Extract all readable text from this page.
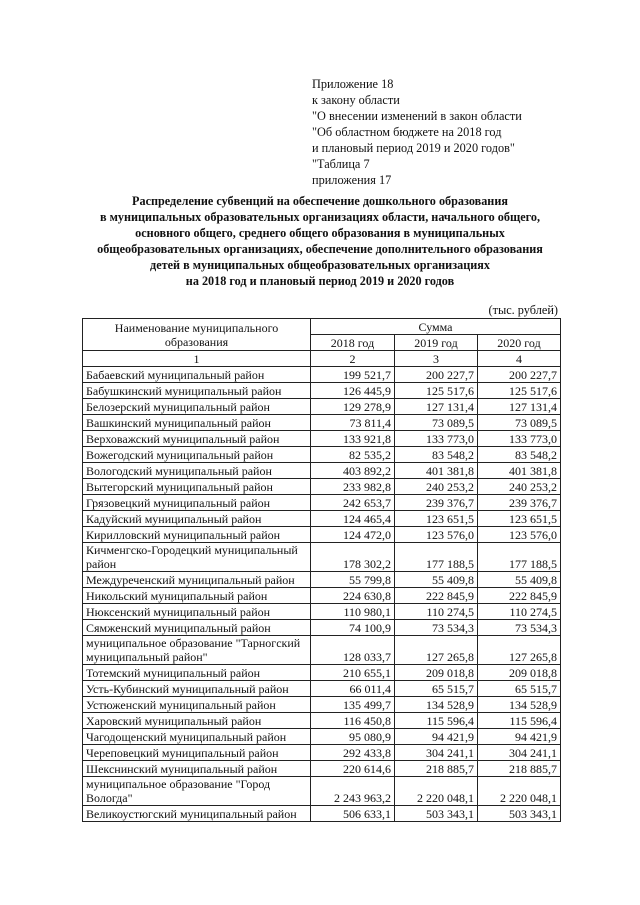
Приложение 18
к закону области
"О внесении изменений в закон области
"Об областном бюджете на 2018 год
и плановый период 2019 и 2020 годов"
"Таблица 7
приложения 17
Распределение субвенций на обеспечение дошкольного образования
в муниципальных образовательных организациях области, начального общего,
основного общего, среднего общего образования в муниципальных
общеобразовательных организациях, обеспечение дополнительного образования
детей в муниципальных общеобразовательных организациях
на 2018 год и плановый период 2019 и 2020 годов
(тыс. рублей)
Наименование муниципального образования	Сумма		
	2018 год	2019 год	2020 год
1	2	3	4
Бабаевский муниципальный район	199 521,7	200 227,7	200 227,7
Бабушкинский муниципальный район	126 445,9	125 517,6	125 517,6
Белозерский муниципальный район	129 278,9	127 131,4	127 131,4
Вашкинский муниципальный район	73 811,4	73 089,5	73 089,5
Верховажский муниципальный район	133 921,8	133 773,0	133 773,0
Вожегодский муниципальный район	82 535,2	83 548,2	83 548,2
Вологодский муниципальный район	403 892,2	401 381,8	401 381,8
Вытегорский муниципальный район	233 982,8	240 253,2	240 253,2
Грязовецкий муниципальный район	242 653,7	239 376,7	239 376,7
Кадуйский муниципальный район	124 465,4	123 651,5	123 651,5
Кирилловский муниципальный район	124 472,0	123 576,0	123 576,0
Кичменгско-Городецкий муниципальный район	178 302,2	177 188,5	177 188,5
Междуреченский муниципальный район	55 799,8	55 409,8	55 409,8
Никольский муниципальный район	224 630,8	222 845,9	222 845,9
Нюксенский муниципальный район	110 980,1	110 274,5	110 274,5
Сямженский муниципальный район	74 100,9	73 534,3	73 534,3
муниципальное образование "Тарногский муниципальный район"	128 033,7	127 265,8	127 265,8
Тотемский муниципальный район	210 655,1	209 018,8	209 018,8
Усть-Кубинский муниципальный район	66 011,4	65 515,7	65 515,7
Устюженский муниципальный район	135 499,7	134 528,9	134 528,9
Харовский муниципальный район	116 450,8	115 596,4	115 596,4
Чагодощенский муниципальный район	95 080,9	94 421,9	94 421,9
Череповецкий муниципальный район	292 433,8	304 241,1	304 241,1
Шекснинский муниципальный район	220 614,6	218 885,7	218 885,7
муниципальное образование "Город Вологда"	2 243 963,2	2 220 048,1	2 220 048,1
Великоустюгский муниципальный район	506 633,1	503 343,1	503 343,1
